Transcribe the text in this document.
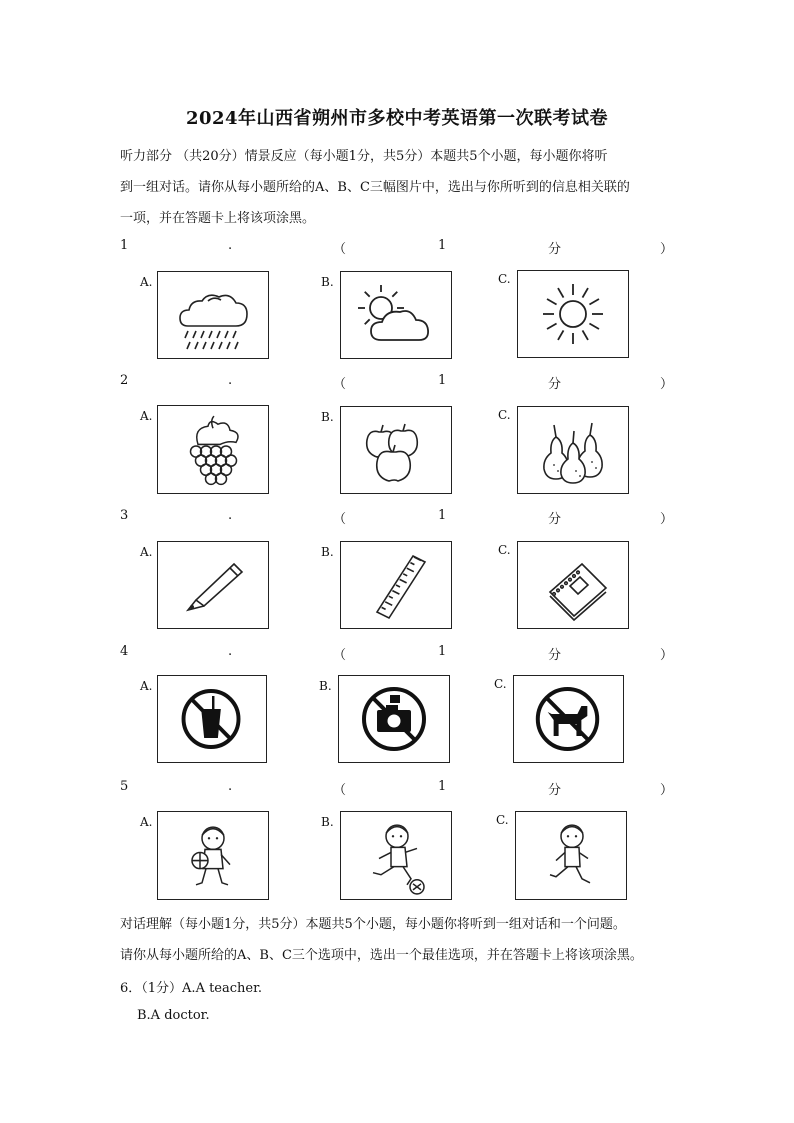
2024年山西省朔州市多校中考英语第一次联考试卷

听力部分 （共20分）情景反应（每小题1分，共5分）本题共5个小题，每小题你将听

到一组对话。请你从每小题所给的A、B、C三幅图片中，选出与你所听到的信息相关联的

一项，并在答题卡上将该项涂黑。

1	.	（	1	分	）
A.	B.	C.
2	.	（	1	分	）
A.	B.	C.
3	.	（	1	分	）
A.	B.	C.
4	.	（	1	分	）
A.	B.	C.
5	.	（	1	分	）
A.	B.	C.

对话理解（每小题1分，共5分）本题共5个小题，每小题你将听到一组对话和一个问题。

请你从每小题所给的A、B、C三个选项中，选出一个最佳选项，并在答题卡上将该项涂黑。

6．（1分）A.A teacher.
B.A doctor.
